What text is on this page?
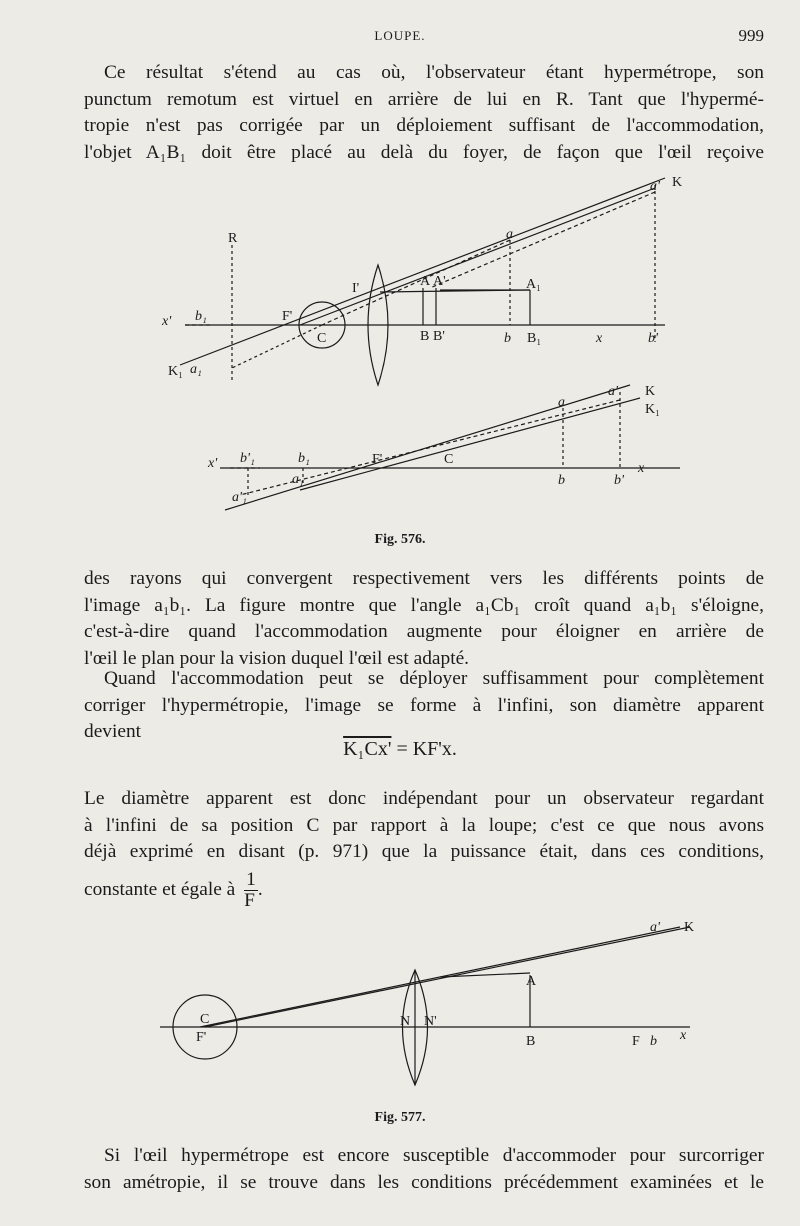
LOUPE.	999
Ce résultat s'étend au cas où, l'observateur étant hypermétrope, son
punctum remotum est virtuel en arrière de lui en R. Tant que l'hypermé-
tropie n'est pas corrigée par un déploiement suffisant de l'accommodation,
l'objet A₁B₁ doit être placé au delà du foyer, de façon que l'œil reçoive
R
a' K
a
I'	A A'	A₁
x' b₁	F'
C	B B'	b B₁	x	b'
K₁ a₁
a' K
K₁
a
x' b'₁	b₁	F'	C
b	b'
x
a₁
a'₁
Fig. 576.
des rayons qui convergent respectivement vers les différents points de
l'image a₁b₁. La figure montre que l'angle a₁Cb₁ croît quand a₁b₁ s'éloigne,
c'est-à-dire quand l'accommodation augmente pour éloigner en arrière de
l'œil le plan pour la vision duquel l'œil est adapté.
Quand l'accommodation peut se déployer suffisamment pour complètement
corriger l'hypermétropie, l'image se forme à l'infini, son diamètre apparent
devient
K₁Cx' = KF'x.
Le diamètre apparent est donc indépendant pour un observateur regardant
à l'infini de sa position C par rapport à la loupe; c'est ce que nous avons
déjà exprimé en disant (p. 971) que la puissance était, dans ces conditions,
constante et égale à $\frac{1}{F}$ .
a' K
A
C
F'
N N'
B	F b x
Fig. 577.
Si l'œil hypermétrope est encore susceptible d'accommoder pour surcorriger
son amétropie, il se trouve dans les conditions précédemment examinées et le
